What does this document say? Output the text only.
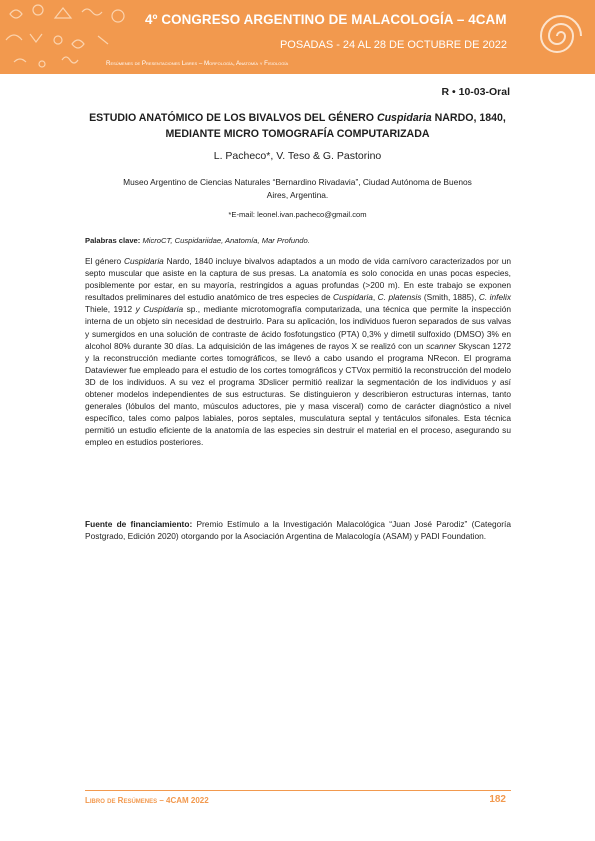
4º CONGRESO ARGENTINO DE MALACOLOGÍA – 4CAM
POSADAS - 24 AL 28 DE OCTUBRE DE 2022
Resúmenes de Presentaciones Libres – Morfología, Anatomía y Fisiología
R • 10-03-Oral
ESTUDIO ANATÓMICO DE LOS BIVALVOS DEL GÉNERO Cuspidaria NARDO, 1840, MEDIANTE MICRO TOMOGRAFÍA COMPUTARIZADA
L. Pacheco*, V. Teso & G. Pastorino
Museo Argentino de Ciencias Naturales “Bernardino Rivadavia”, Ciudad Autónoma de Buenos Aires, Argentina.
*E-mail: leonel.ivan.pacheco@gmail.com
Palabras clave: MicroCT, Cuspidariidae, Anatomía, Mar Profundo.

El género Cuspidaria Nardo, 1840 incluye bivalvos adaptados a un modo de vida carnívoro caracterizados por un septo muscular que asiste en la captura de sus presas. La anatomía es solo conocida en unas pocas especies, posiblemente por estar, en su mayoría, restringidos a aguas profundas (>200 m). En este trabajo se exponen resultados preliminares del estudio anatómico de tres especies de Cuspidaria, C. platensis (Smith, 1885), C. infelix Thiele, 1912 y Cuspidaria sp., mediante microtomografía computarizada, una técnica que permite la inspección interna de un objeto sin necesidad de destruirlo. Para su aplicación, los individuos fueron separados de sus valvas y sumergidos en una solución de contraste de ácido fosfotungstico (PTA) 0,3% y dimetil sulfoxido (DMSO) 3% en alcohol 80% durante 30 días. La adquisición de las imágenes de rayos X se realizó con un scanner Skyscan 1272 y la reconstrucción mediante cortes tomográficos, se llevó a cabo usando el programa NRecon. El programa Dataviewer fue empleado para el estudio de los cortes tomográficos y CTVox permitió la reconstrucción del modelo 3D de los individuos. A su vez el programa 3Dslicer permitió realizar la segmentación de los individuos y así obtener modelos independientes de sus estructuras. Se distinguieron y describieron estructuras internas, tanto generales (lóbulos del manto, músculos aductores, pie y masa visceral) como de carácter diagnóstico a nivel específico, tales como palpos labiales, poros septales, musculatura septal y tentáculos sifonales. Esta técnica permitió un estudio eficiente de la anatomía de las especies sin destruir el material en el proceso, asegurando su empleo en estudios posteriores.

Fuente de financiamiento: Premio Estímulo a la Investigación Malacológica “Juan José Parodiz” (Categoría Postgrado, Edición 2020) otorgando por la Asociación Argentina de Malacología (ASAM) y PADI Foundation.

Libro de Resúmenes – 4CAM 2022	182
